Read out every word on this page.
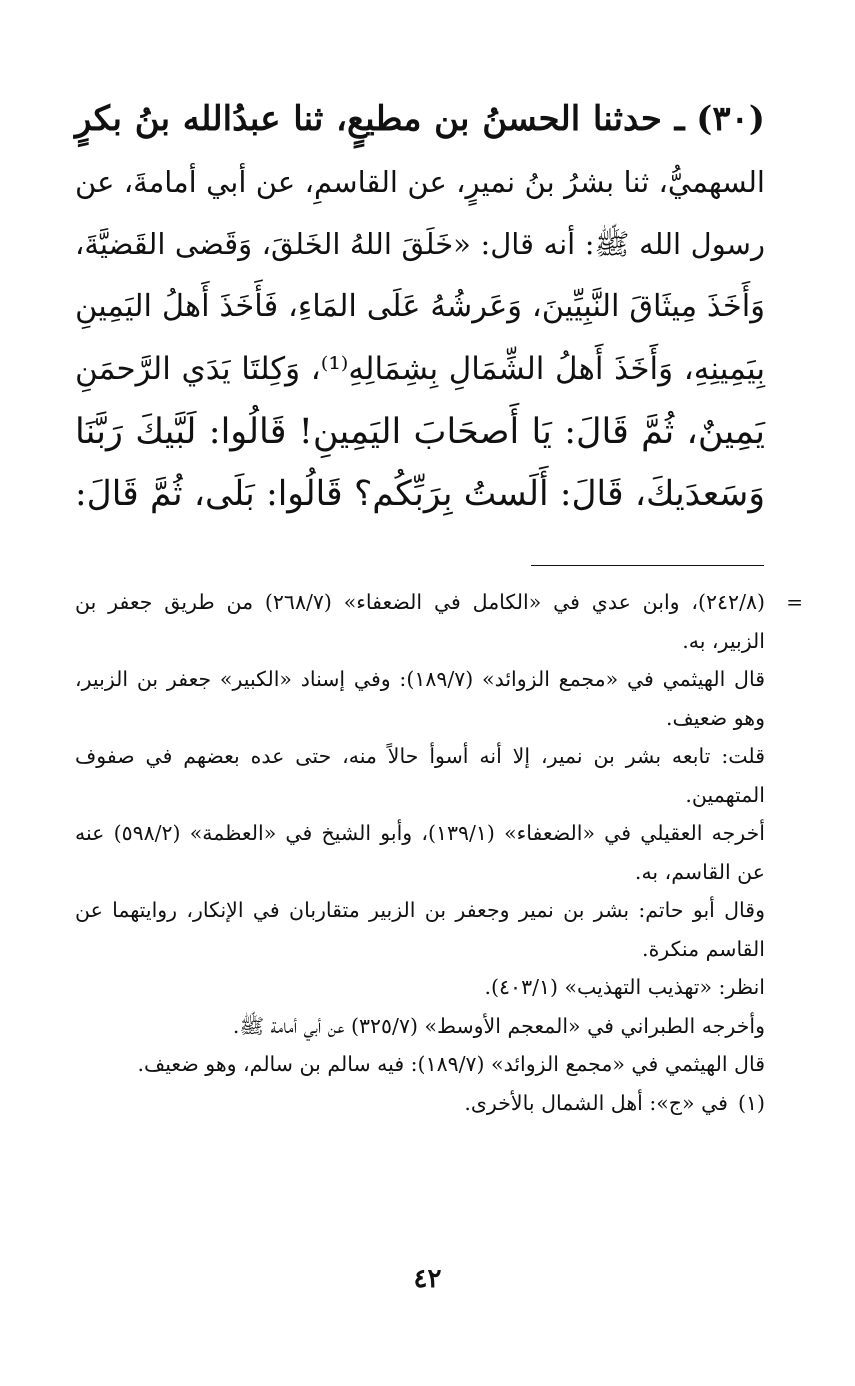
(٣٠) ـ حدثنا الحسنُ بن مطيعٍ، ثنا عبدُالله بنُ بكرٍ
السهميُّ، ثنا بشرُ بنُ نميرٍ، عن القاسمِ، عن أبي أمامةَ، عن
رسول الله ﷺ: أنه قال: «خَلَقَ اللهُ الخَلقَ، وَقَضى القَضيَّةَ،
وَأَخَذَ مِيثَاقَ النَّبِيِّينَ، وَعَرشُهُ عَلَى المَاءِ، فَأَخَذَ أَهلُ اليَمِينِ
بِيَمِينِهِ، وَأَخَذَ أَهلُ الشِّمَالِ بِشِمَالِهِ⁽¹⁾، وَكِلتَا يَدَي الرَّحمَنِ
يَمِينٌ، ثُمَّ قَالَ: يَا أَصحَابَ اليَمِينِ! قَالُوا: لَبَّيكَ رَبَّنَا
وَسَعدَيكَ، قَالَ: أَلَستُ بِرَبِّكُم؟ قَالُوا: بَلَى، ثُمَّ قَالَ:
=

(٢٤٢/٨)، وابن عدي في «الكامل في الضعفاء» (٢٦٨/٧) من طريق جعفر بن الزبير، به.

قال الهيثمي في «مجمع الزوائد» (١٨٩/٧): وفي إسناد «الكبير» جعفر بن الزبير، وهو ضعيف.

قلت: تابعه بشر بن نمير، إلا أنه أسوأ حالاً منه، حتى عده بعضهم في صفوف المتهمين.

أخرجه العقيلي في «الضعفاء» (١٣٩/١)، وأبو الشيخ في «العظمة» (٥٩٨/٢) عنه عن القاسم، به.

وقال أبو حاتم: بشر بن نمير وجعفر بن الزبير متقاربان في الإنكار، روايتهما عن القاسم منكرة.

انظر: «تهذيب التهذيب» (٤٠٣/١).

وأخرجه الطبراني في «المعجم الأوسط» (٣٢٥/٧) عن أبي أمامة ﷺ.

قال الهيثمي في «مجمع الزوائد» (١٨٩/٧): فيه سالم بن سالم، وهو ضعيف.

(١)في «ج»: أهل الشمال بالأخرى.

٤٢
